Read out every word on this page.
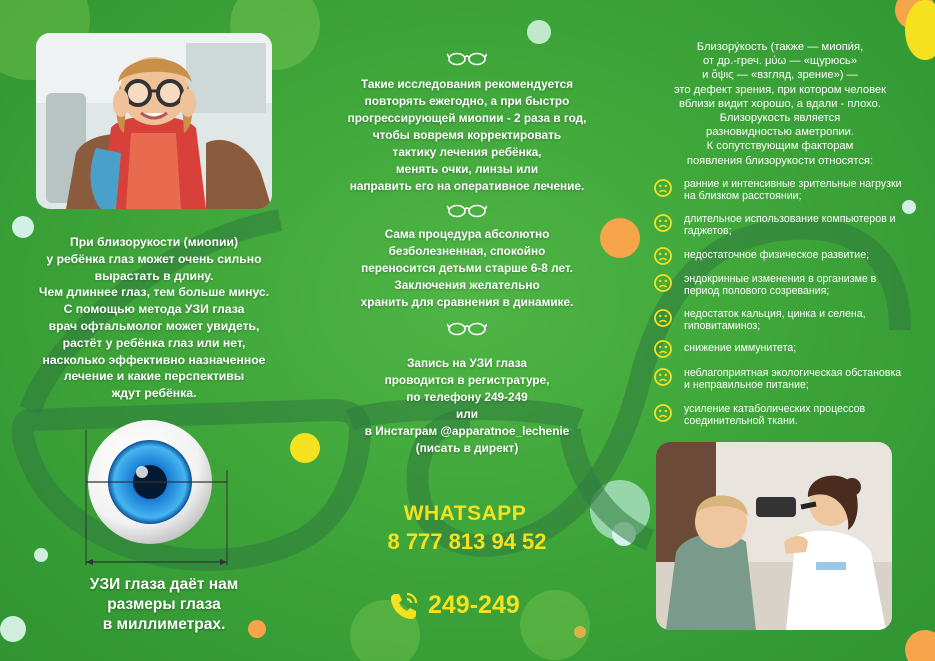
При близорукости (миопии)
у ребёнка глаз может очень сильно
вырастать в длину.
Чем длиннее глаз, тем больше минус.
С помощью метода УЗИ глаза
врач офтальмолог может увидеть,
растёт у ребёнка глаз или нет,
насколько эффективно назначенное
лечение и какие перспективы
ждут ребёнка.
УЗИ глаза даёт нам
размеры глаза
в миллиметрах.
Такие исследования рекомендуется
повторять ежегодно, а при быстро
прогрессирующей миопии - 2 раза в год,
чтобы вовремя корректировать
тактику лечения ребёнка,
менять очки, линзы или
направить его на оперативное лечение.
Сама процедура абсолютно
безболезненная, спокойно
переносится детьми старше 6-8 лет.
Заключения желательно
хранить для сравнения в динамике.
Запись на УЗИ глаза
проводится в регистратуре,
по телефону 249-249
или
в Инстаграм @apparatnoe_lechenie
(писать в директ)
WHATSAPP
8 777 813 94 52
249-249
Близору́кость (также — миопи́я,
от др.-греч. μύω — «щурюсь»
и ὄψις — «взгляд, зрение») —
это дефект зрения, при котором человек
вблизи видит хорошо, а вдали - плохо.
Близорукость является
разновидностью аметропии.
К сопутствующим факторам
появления близорукости относятся:
ранние и интенсивные зрительные нагрузки на близком расстоянии;
длительное использование компьютеров и гаджетов;
недостаточное физическое развитие;
эндокринные изменения в организме в период полового созревания;
недостаток кальция, цинка и селена, гиповитаминоз;
снижение иммунитета;
неблагоприятная экологическая обстановка и неправильное питание;
усиление катаболических процессов соединительной ткани.
